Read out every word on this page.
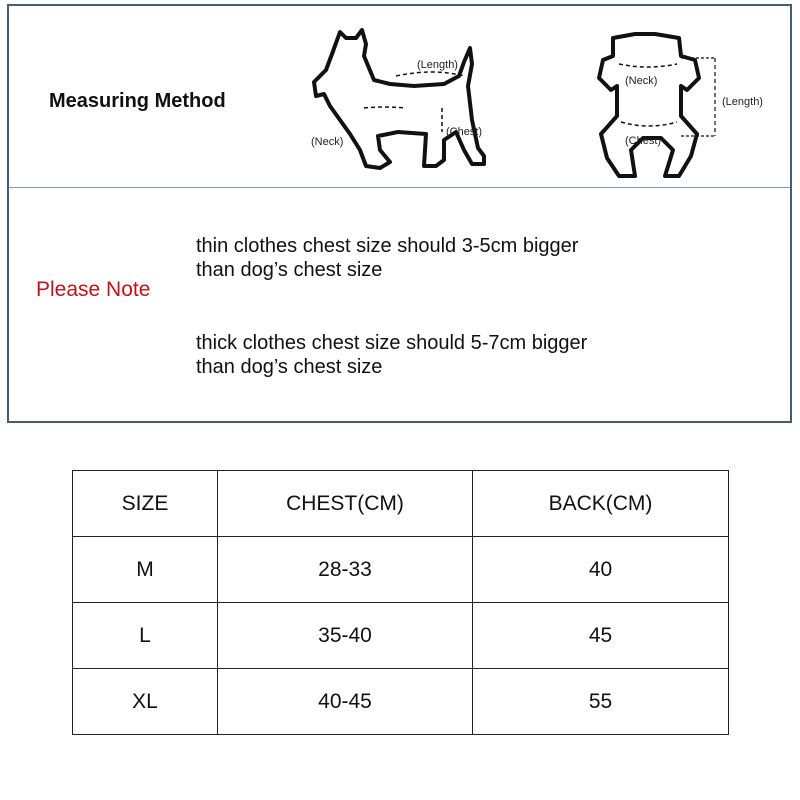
Measuring Method
(Length)
(Chest)
(Neck)
(Neck)
(Length)
(Chest)
Please Note
thin clothes chest size should 3-5cm bigger
than dog’s chest size
thick clothes chest size should 5-7cm bigger
than dog’s chest size
SIZE	CHEST(CM)	BACK(CM)
M	28-33	40
L	35-40	45
XL	40-45	55
